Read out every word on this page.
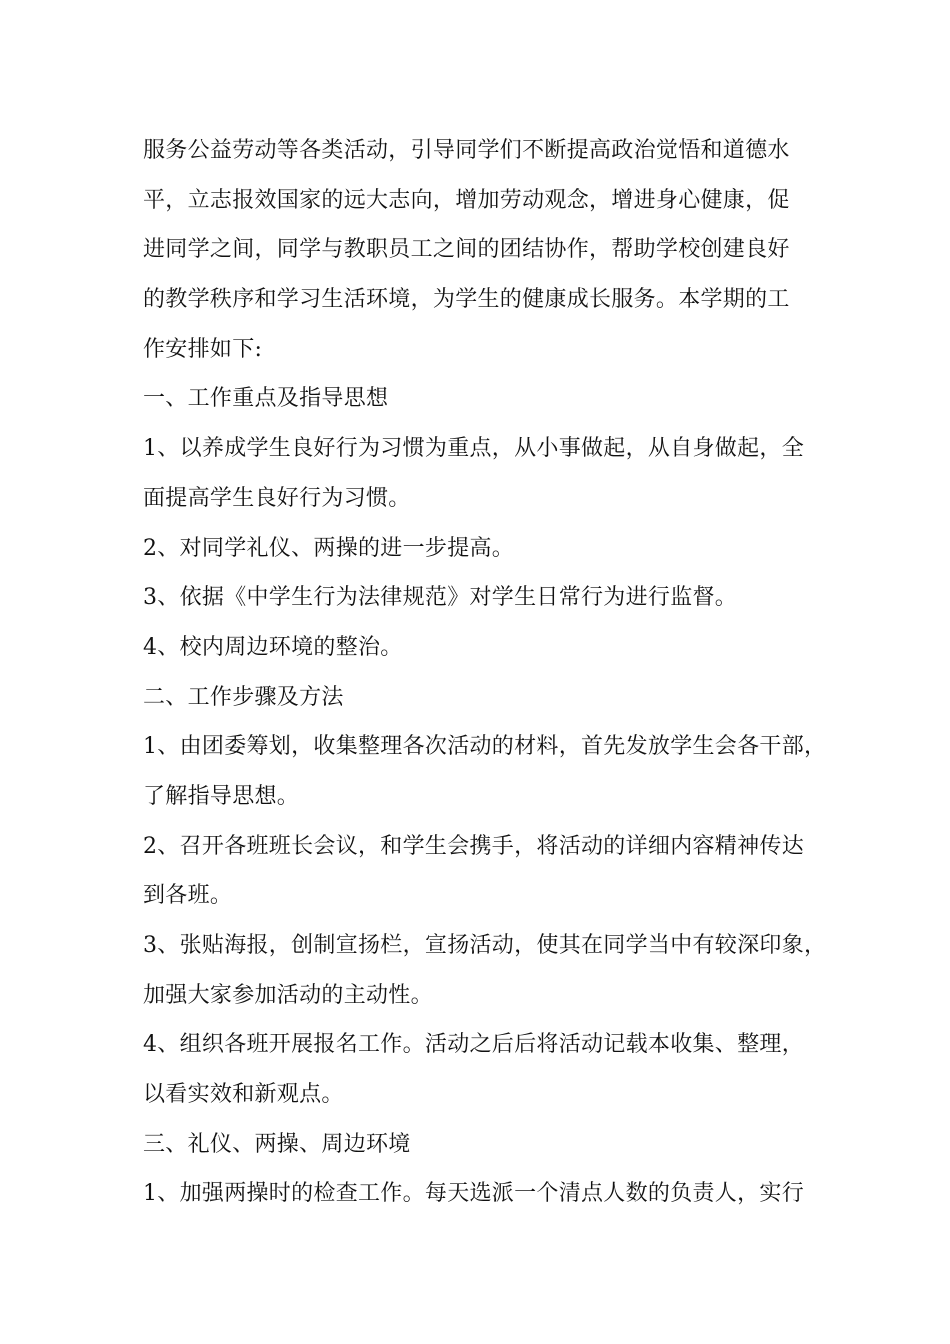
服务公益劳动等各类活动，引导同学们不断提高政治觉悟和道德水
平，立志报效国家的远大志向，增加劳动观念，增进身心健康，促
进同学之间，同学与教职员工之间的团结协作，帮助学校创建良好
的教学秩序和学习生活环境，为学生的健康成长服务。本学期的工
作安排如下:
一、工作重点及指导思想
1、以养成学生良好行为习惯为重点，从小事做起，从自身做起，全
面提高学生良好行为习惯。
2、对同学礼仪、两操的进一步提高。
3、依据《中学生行为法律规范》对学生日常行为进行监督。
4、校内周边环境的整治。
二、工作步骤及方法
1、由团委筹划，收集整理各次活动的材料，首先发放学生会各干部，
了解指导思想。
2、召开各班班长会议，和学生会携手，将活动的详细内容精神传达
到各班。
3、张贴海报，创制宣扬栏，宣扬活动，使其在同学当中有较深印象，
加强大家参加活动的主动性。
4、组织各班开展报名工作。活动之后后将活动记载本收集、整理，
以看实效和新观点。
三、礼仪、两操、周边环境
1、加强两操时的检查工作。每天选派一个清点人数的负责人，实行
